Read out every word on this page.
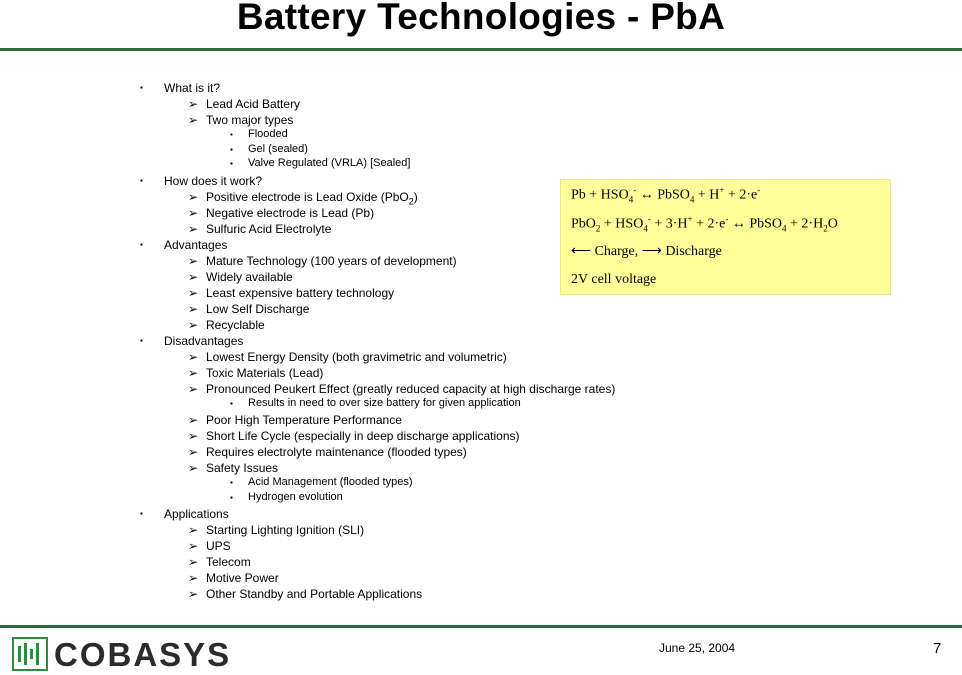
Battery Technologies - PbA
▪ What is it?
➢ Lead Acid Battery
➢ Two major types
▪ Flooded
▪ Gel (sealed)
▪ Valve Regulated (VRLA) [Sealed]
▪ How does it work?
➢ Positive electrode is Lead Oxide (PbO$_2$)
➢ Negative electrode is Lead (Pb)
➢ Sulfuric Acid Electrolyte
▪ Advantages
➢ Mature Technology (100 years of development)
➢ Widely available
➢ Least expensive battery technology
➢ Low Self Discharge
➢ Recyclable
▪ Disadvantages
➢ Lowest Energy Density (both gravimetric and volumetric)
➢ Toxic Materials (Lead)
➢ Pronounced Peukert Effect (greatly reduced capacity at high discharge rates)
▪ Results in need to over size battery for given application
➢ Poor High Temperature Performance
➢ Short Life Cycle (especially in deep discharge applications)
➢ Requires electrolyte maintenance (flooded types)
➢ Safety Issues
▪ Acid Management (flooded types)
▪ Hydrogen evolution
▪ Applications
➢ Starting Lighting Ignition (SLI)
➢ UPS
➢ Telecom
➢ Motive Power
➢ Other Standby and Portable Applications
$Pb + HSO_4^-$ ↔ PbSO$_4$ + H+ + 2·e-
$PbO_2 + HSO_4^- + 3\cdot H^+ + 2\cdot e^-$ ↔ PbSO$_4$ + $2\cdot H_2O$
⟵ Charge, ⟶ Discharge
2V cell voltage
COBASYS	June 25, 2004	7
